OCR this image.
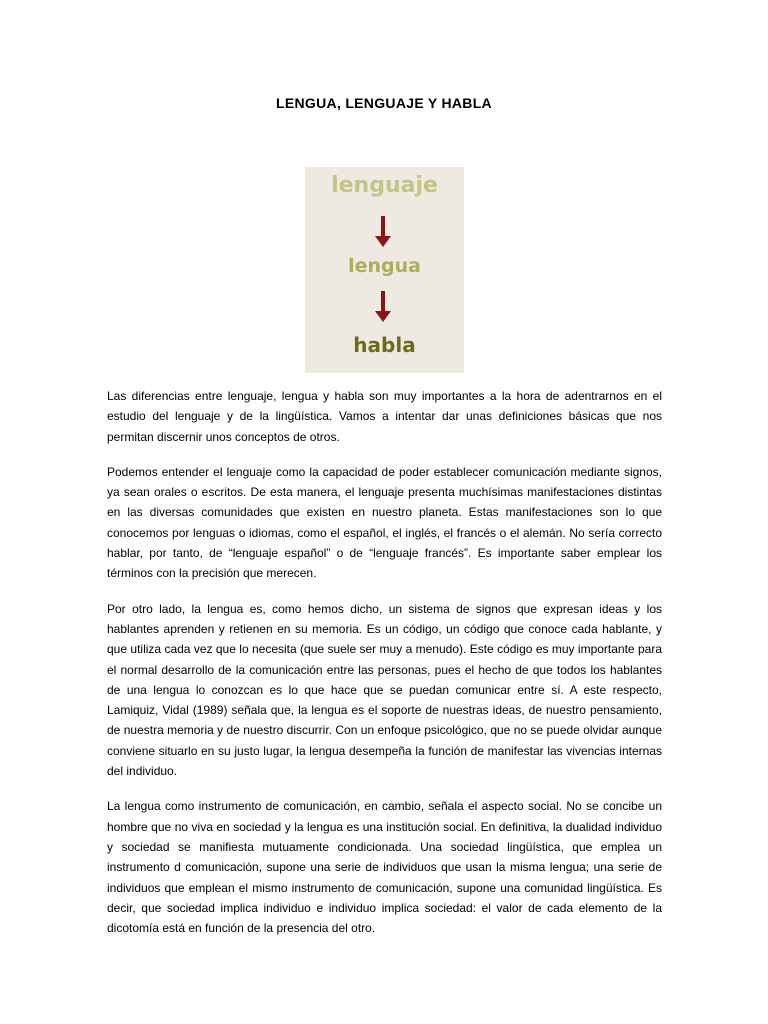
LENGUA, LENGUAJE Y HABLA
lenguaje
lengua
habla

Las diferencias entre lenguaje, lengua y habla son muy importantes a la hora de adentrarnos en el estudio del lenguaje y de la lingüística. Vamos a intentar dar unas definiciones básicas que nos permitan discernir unos conceptos de otros.

Podemos entender el lenguaje como la capacidad de poder establecer comunicación mediante signos, ya sean orales o escritos. De esta manera, el lenguaje presenta muchísimas manifestaciones distintas en las diversas comunidades que existen en nuestro planeta. Estas manifestaciones son lo que conocemos por lenguas o idiomas, como el español, el inglés, el francés o el alemán. No sería correcto hablar, por tanto, de “lenguaje español” o de “lenguaje francés”. Es importante saber emplear los términos con la precisión que merecen.

Por otro lado, la lengua es, como hemos dicho, un sistema de signos que expresan ideas y los hablantes aprenden y retienen en su memoria. Es un código, un código que conoce cada hablante, y que utiliza cada vez que lo necesita (que suele ser muy a menudo). Este código es muy importante para el normal desarrollo de la comunicación entre las personas, pues el hecho de que todos los hablantes de una lengua lo conozcan es lo que hace que se puedan comunicar entre sí. A este respecto, Lamiquiz, Vidal (1989) señala que, la lengua es el soporte de nuestras ideas, de nuestro pensamiento, de nuestra memoria y de nuestro discurrir. Con un enfoque psicológico, que no se puede olvidar aunque conviene situarlo en su justo lugar, la lengua desempeña la función de manifestar las vivencias internas del individuo.

La lengua como instrumento de comunicación, en cambio, señala el aspecto social. No se concibe un hombre que no viva en sociedad y la lengua es una institución social. En definitiva, la dualidad individuo y sociedad se manifiesta mutuamente condicionada. Una sociedad lingüística, que emplea un instrumento d comunicación, supone una serie de individuos que usan la misma lengua; una serie de individuos que emplean el mismo instrumento de comunicación, supone una comunidad lingüística. Es decir, que sociedad implica individuo e individuo implica sociedad: el valor de cada elemento de la dicotomía está en función de la presencia del otro.
